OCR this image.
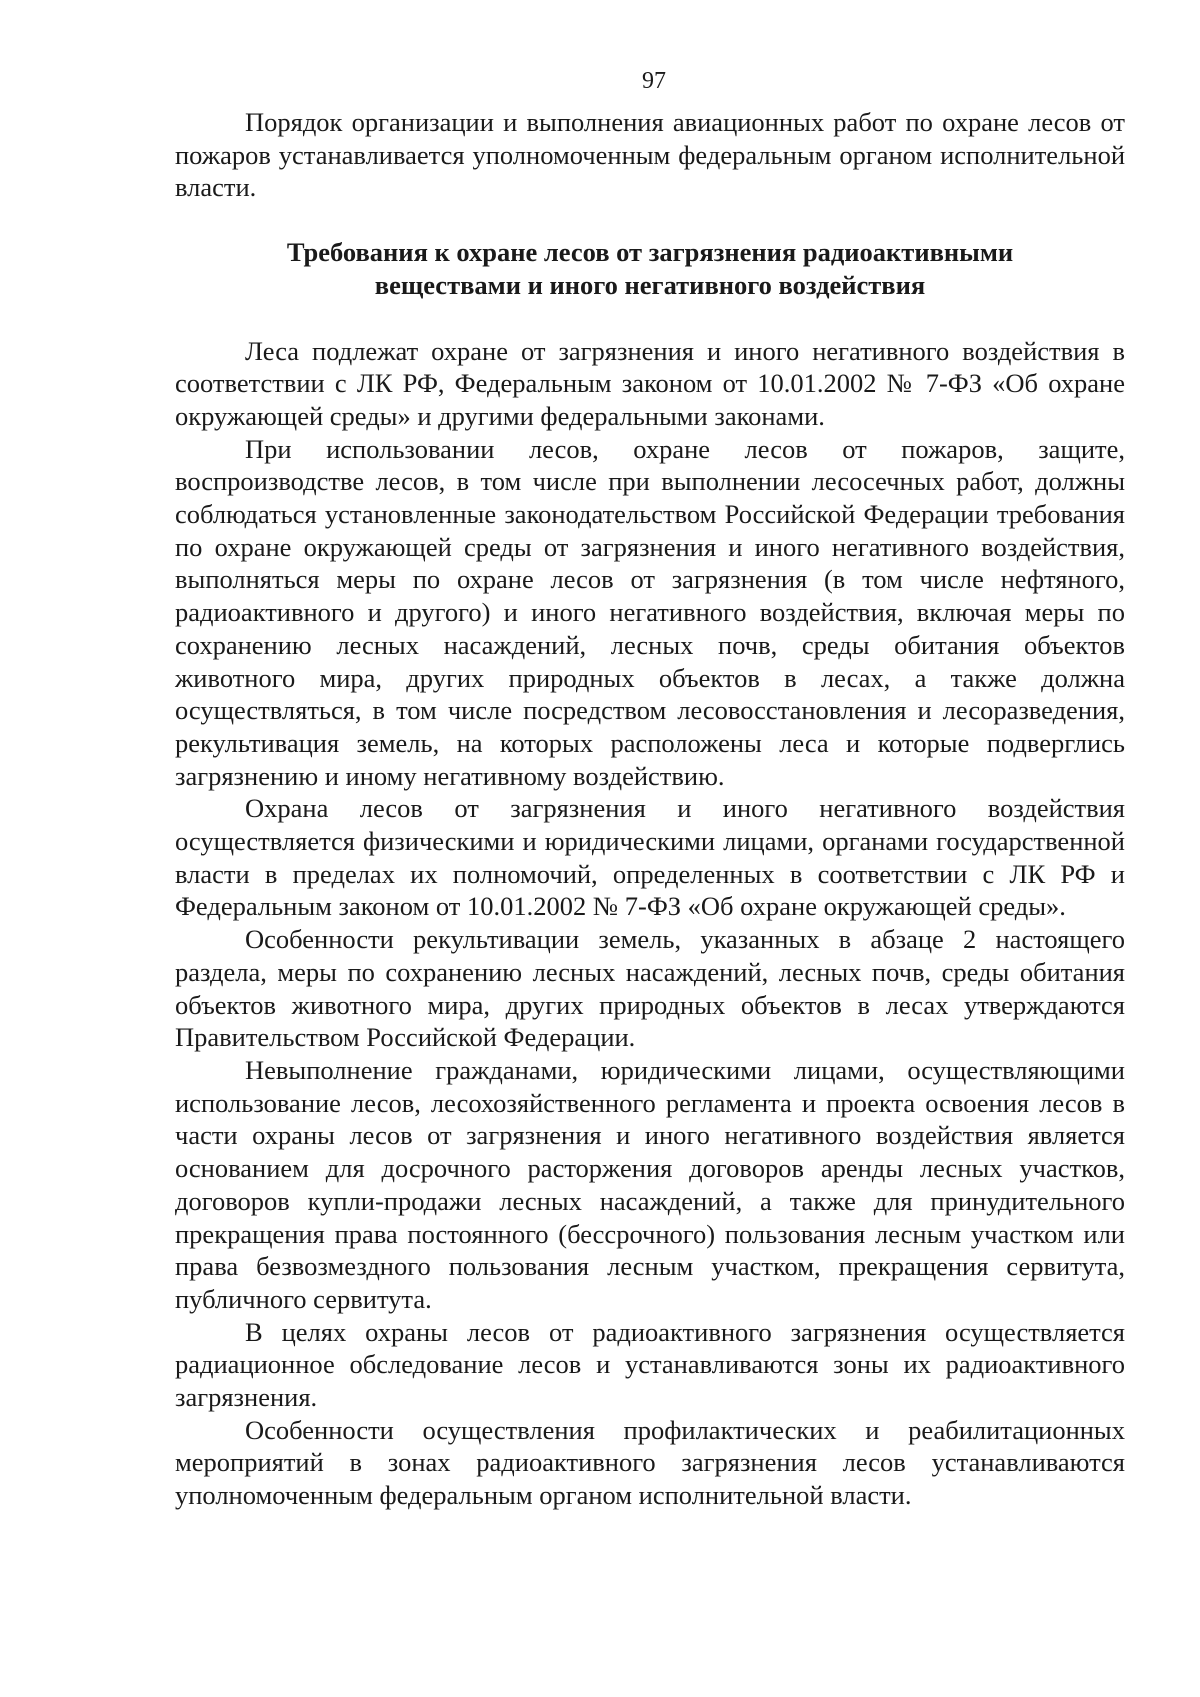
97

Порядок организации и выполнения авиационных работ по охране лесов от пожаров устанавливается уполномоченным федеральным органом исполнительной власти.

Требования к охране лесов от загрязнения радиоактивными
веществами и иного негативного воздействия

Леса подлежат охране от загрязнения и иного негативного воздействия в соответствии с ЛК РФ, Федеральным законом от 10.01.2002 № 7-ФЗ «Об охране окружающей среды» и другими федеральными законами.

При использовании лесов, охране лесов от пожаров, защите, воспроизводстве лесов, в том числе при выполнении лесосечных работ, должны соблюдаться установленные законодательством Российской Федерации требования по охране окружающей среды от загрязнения и иного негативного воздействия, выполняться меры по охране лесов от загрязнения (в том числе нефтяного, радиоактивного и другого) и иного негативного воздействия, включая меры по сохранению лесных насаждений, лесных почв, среды обитания объектов животного мира, других природных объектов в лесах, а также должна осуществляться, в том числе посредством лесовосстановления и лесоразведения, рекультивация земель, на которых расположены леса и которые подверглись загрязнению и иному негативному воздействию.

Охрана лесов от загрязнения и иного негативного воздействия осуществляется физическими и юридическими лицами, органами государственной власти в пределах их полномочий, определенных в соответствии с ЛК РФ и Федеральным законом от 10.01.2002 № 7-ФЗ «Об охране окружающей среды».

Особенности рекультивации земель, указанных в абзаце 2 настоящего раздела, меры по сохранению лесных насаждений, лесных почв, среды обитания объектов животного мира, других природных объектов в лесах утверждаются Правительством Российской Федерации.

Невыполнение гражданами, юридическими лицами, осуществляющими использование лесов, лесохозяйственного регламента и проекта освоения лесов в части охраны лесов от загрязнения и иного негативного воздействия является основанием для досрочного расторжения договоров аренды лесных участков, договоров купли-продажи лесных насаждений, а также для принудительного прекращения права постоянного (бессрочного) пользования лесным участком или права безвозмездного пользования лесным участком, прекращения сервитута, публичного сервитута.

В целях охраны лесов от радиоактивного загрязнения осуществляется радиационное обследование лесов и устанавливаются зоны их радиоактивного загрязнения.

Особенности осуществления профилактических и реабилитационных мероприятий в зонах радиоактивного загрязнения лесов устанавливаются уполномоченным федеральным органом исполнительной власти.
